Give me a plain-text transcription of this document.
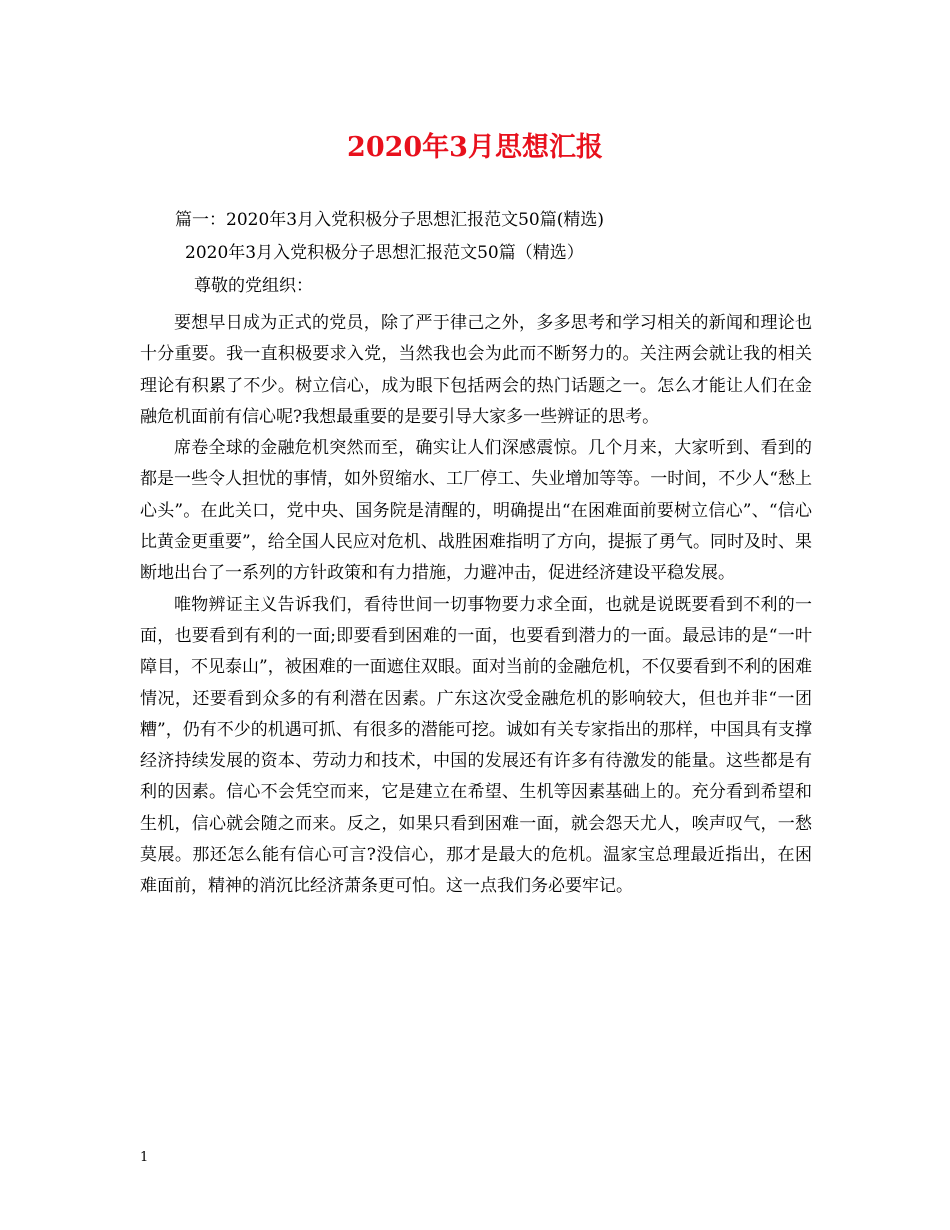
2020年3月思想汇报
篇一：2020年3月入党积极分子思想汇报范文50篇(精选)
2020年3月入党积极分子思想汇报范文50篇（精选）
尊敬的党组织：

要想早日成为正式的党员，除了严于律己之外，多多思考和学习相关的新闻和理论也十分重要。我一直积极要求入党，当然我也会为此而不断努力的。关注两会就让我的相关理论有积累了不少。树立信心，成为眼下包括两会的热门话题之一。怎么才能让人们在金融危机面前有信心呢?我想最重要的是要引导大家多一些辨证的思考。

席卷全球的金融危机突然而至，确实让人们深感震惊。几个月来，大家听到、看到的都是一些令人担忧的事情，如外贸缩水、工厂停工、失业增加等等。一时间，不少人“愁上心头”。在此关口，党中央、国务院是清醒的，明确提出“在困难面前要树立信心”、“信心比黄金更重要”，给全国人民应对危机、战胜困难指明了方向，提振了勇气。同时及时、果断地出台了一系列的方针政策和有力措施，力避冲击，促进经济建设平稳发展。

唯物辨证主义告诉我们，看待世间一切事物要力求全面，也就是说既要看到不利的一面，也要看到有利的一面;即要看到困难的一面，也要看到潜力的一面。最忌讳的是“一叶障目，不见泰山”，被困难的一面遮住双眼。面对当前的金融危机，不仅要看到不利的困难情况，还要看到众多的有利潜在因素。广东这次受金融危机的影响较大，但也并非“一团糟”，仍有不少的机遇可抓、有很多的潜能可挖。诚如有关专家指出的那样，中国具有支撑经济持续发展的资本、劳动力和技术，中国的发展还有许多有待激发的能量。这些都是有利的因素。信心不会凭空而来，它是建立在希望、生机等因素基础上的。充分看到希望和生机，信心就会随之而来。反之，如果只看到困难一面，就会怨天尤人，唉声叹气，一愁莫展。那还怎么能有信心可言?没信心，那才是最大的危机。温家宝总理最近指出，在困难面前，精神的消沉比经济萧条更可怕。这一点我们务必要牢记。

1
